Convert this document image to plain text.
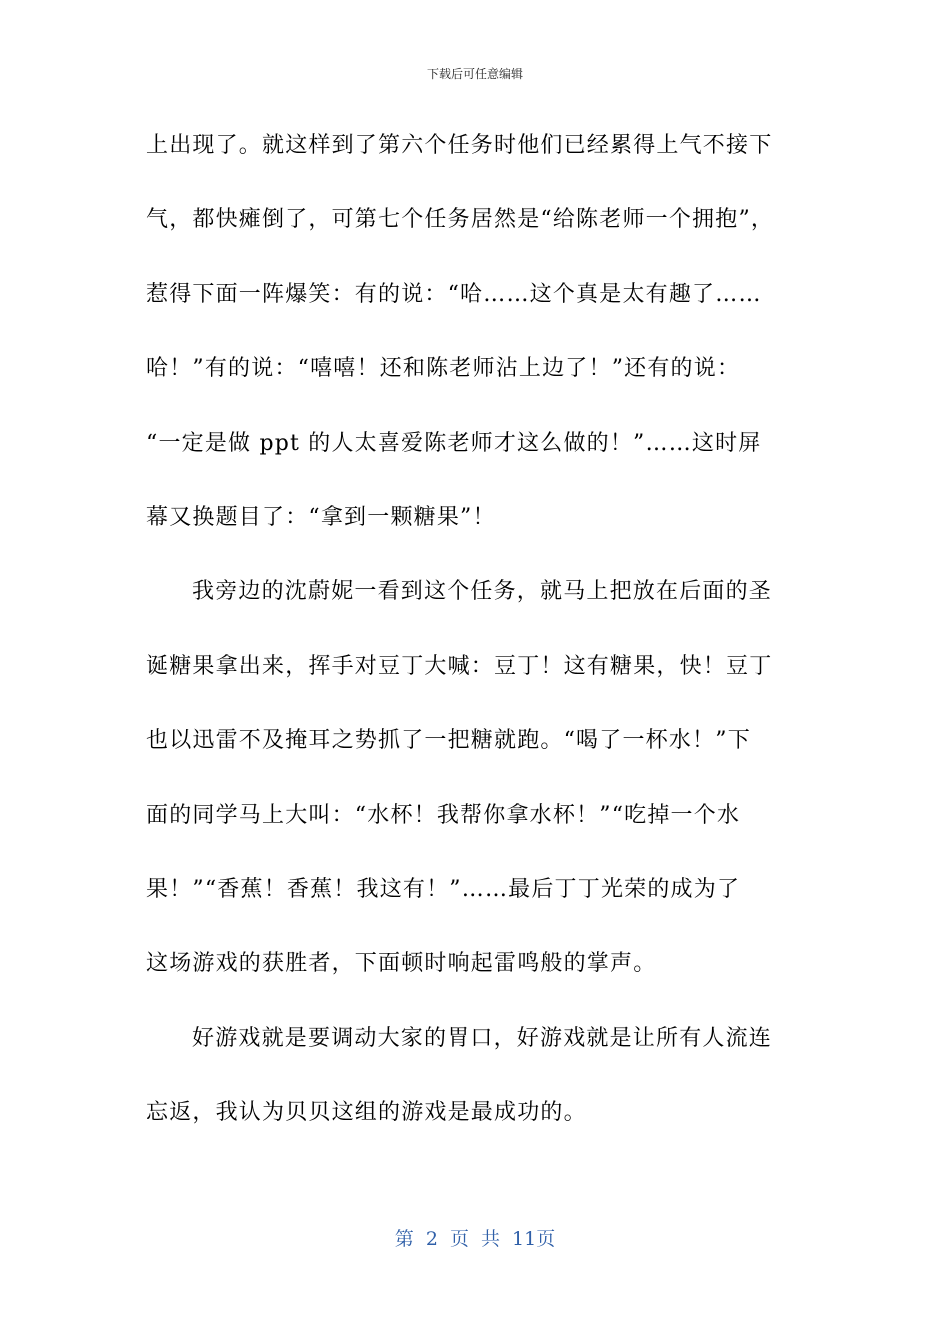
下载后可任意编辑
上出现了。就这样到了第六个任务时他们已经累得上气不接下
气，都快瘫倒了，可第七个任务居然是“给陈老师一个拥抱”，
惹得下面一阵爆笑：有的说：“哈……这个真是太有趣了……
哈！”有的说：“嘻嘻！还和陈老师沾上边了！”还有的说：
“一定是做 ppt 的人太喜爱陈老师才这么做的！”……这时屏
幕又换题目了：“拿到一颗糖果”！
我旁边的沈蔚妮一看到这个任务，就马上把放在后面的圣
诞糖果拿出来，挥手对豆丁大喊：豆丁！这有糖果，快！豆丁
也以迅雷不及掩耳之势抓了一把糖就跑。“喝了一杯水！”下
面的同学马上大叫：“水杯！我帮你拿水杯！”“吃掉一个水
果！”“香蕉！香蕉！我这有！”……最后丁丁光荣的成为了
这场游戏的获胜者，下面顿时响起雷鸣般的掌声。
好游戏就是要调动大家的胃口，好游戏就是让所有人流连
忘返，我认为贝贝这组的游戏是最成功的。
第 2 页 共 11页
